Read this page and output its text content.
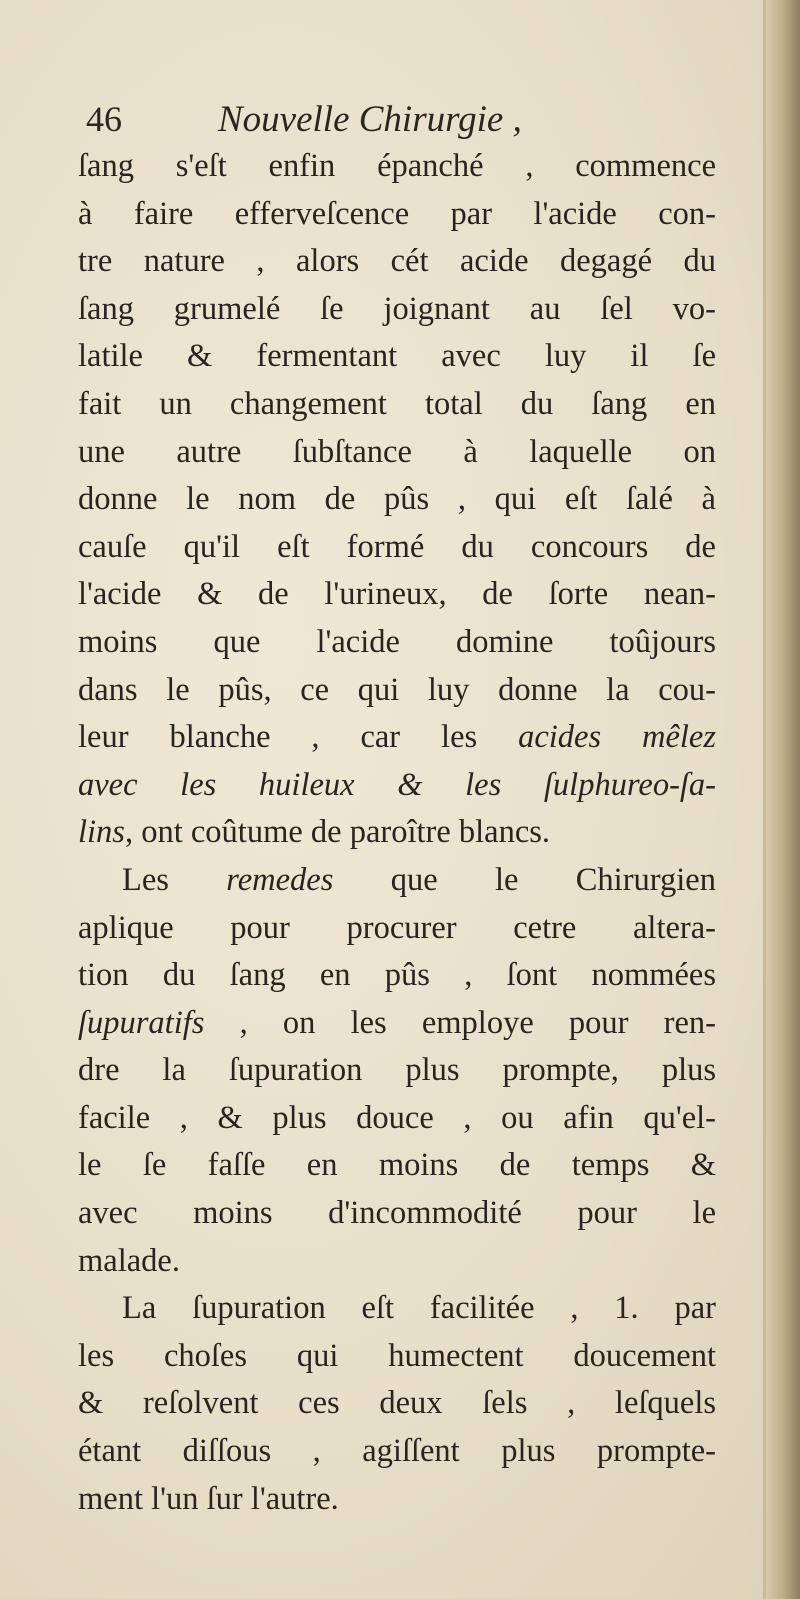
46	Nouvelle Chirurgie ,
ſang s'eſt enfin épanché , commence
à faire efferveſcence par l'acide con-
tre nature , alors cét acide degagé du
ſang grumelé ſe joignant au ſel vo-
latile & fermentant avec luy il ſe
fait un changement total du ſang en
une autre ſubſtance à laquelle on
donne le nom de pûs , qui eſt ſalé à
cauſe qu'il eſt formé du concours de
l'acide & de l'urineux, de ſorte nean-
moins que l'acide domine toûjours
dans le pûs, ce qui luy donne la cou-
leur blanche , car les acides mêlez
avec les huileux & les ſulphureo-ſa-
lins, ont coûtume de paroître blancs.
Les remedes que le Chirurgien
aplique pour procurer cetre altera-
tion du ſang en pûs , ſont nommées
ſupuratifs , on les employe pour ren-
dre la ſupuration plus prompte, plus
facile , & plus douce , ou afin qu'el-
le ſe faſſe en moins de temps &
avec moins d'incommodité pour le
malade.
La ſupuration eſt facilitée , 1. par
les choſes qui humectent doucement
& reſolvent ces deux ſels , leſquels
étant diſſous , agiſſent plus prompte-
ment l'un ſur l'autre.
